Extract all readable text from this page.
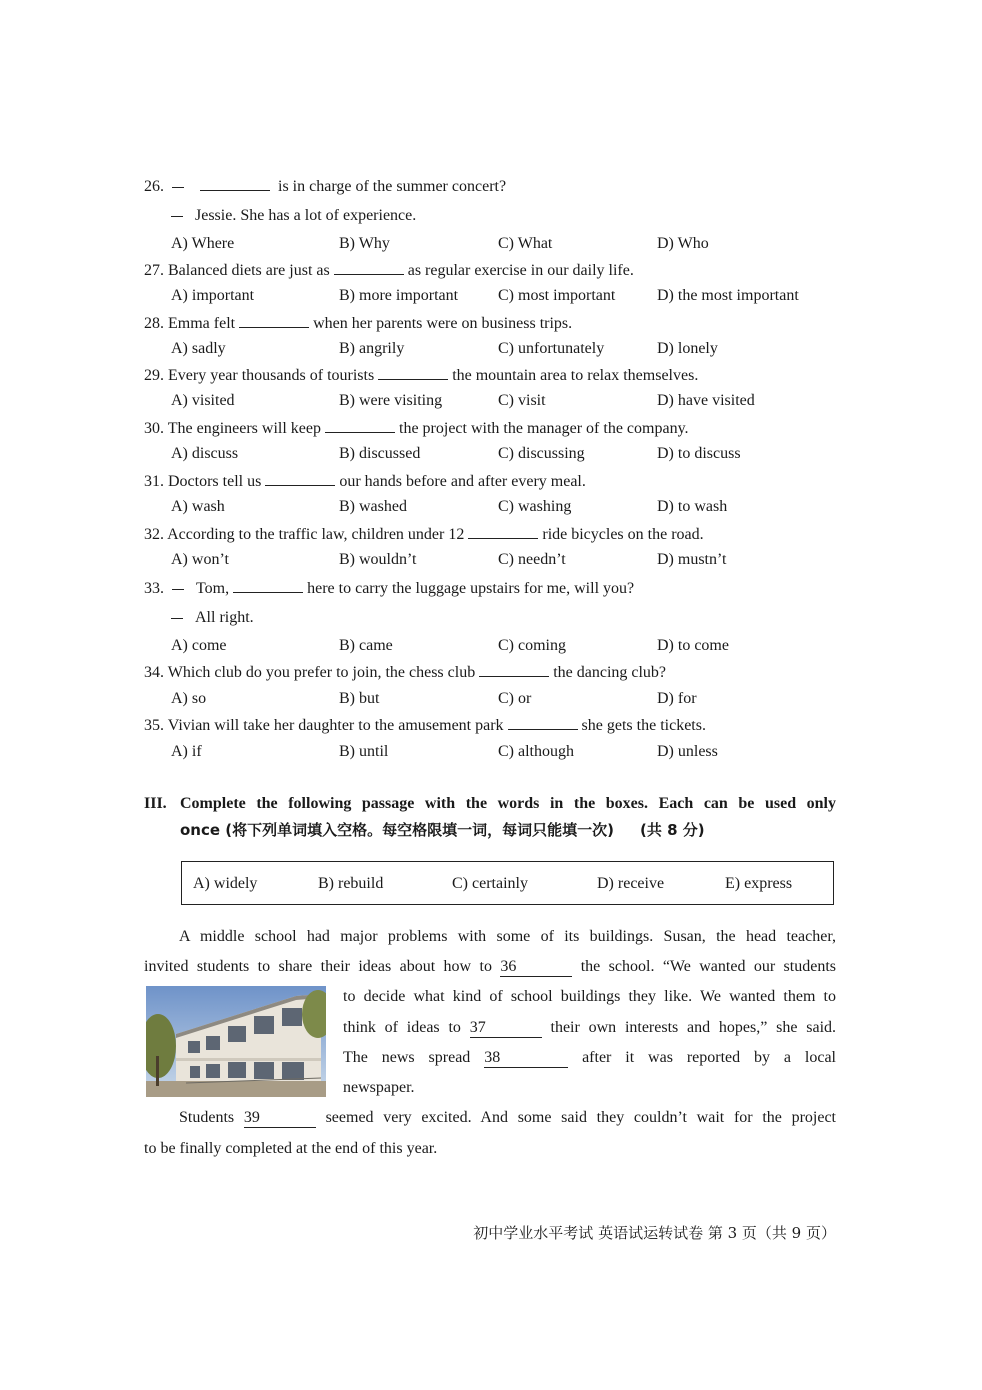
26.	is in charge of the summer concert?
Jessie. She has a lot of experience.
A) Where	B) Why	C) What	D) Who
27. Balanced diets are just as	as regular exercise in our daily life.
A) important	B) more important C) most important	D) the most important
28. Emma felt	when her parents were on business trips.
A) sadly	B) angrily	C) unfortunately	D) lonely
29. Every year thousands of tourists	the mountain area to relax themselves.
A) visited	B) were visiting	C) visit	D) have visited
30. The engineers will keep	the project with the manager of the company.
A) discuss	B) discussed	C) discussing	D) to discuss
31. Doctors tell us	our hands before and after every meal.
A) wash	B) washed	C) washing	D) to wash
32. According to the traffic law, children under 12	ride bicycles on the road.
A) won’t	B) wouldn’t	C) needn’t	D) mustn’t
33. Tom,	here to carry the luggage upstairs for me, will you?
All right.
A) come	B) came	C) coming	D) to come
34. Which club do you prefer to join, the chess club	the dancing club?
A) so	B) but	C) or	D) for
35. Vivian will take her daughter to the amusement park	she gets the tickets.
A) if	B) until	C) although	D) unless
III. Complete the following passage with the words in the boxes. Each can be used only
once (将下列单词填入空格。每空格限填一词，每词只能填一次) (共 8 分)
A) widely	B) rebuild	C) certainly	D) receive	E) express
A middle school had major problems with some of its buildings. Susan, the head teacher,
invited students to share their ideas about how to 36	the school. “We wanted our students
to decide what kind of school buildings they like. We wanted them to
think of ideas to 37	their own interests and hopes,” she said.
The news spread 38	after it was reported by a local
newspaper.
Students 39	seemed very excited. And some said they couldn’t wait for the project
to be finally completed at the end of this year.
初中学业水平考试 英语试运转试卷 第 3 页（共 9 页）
